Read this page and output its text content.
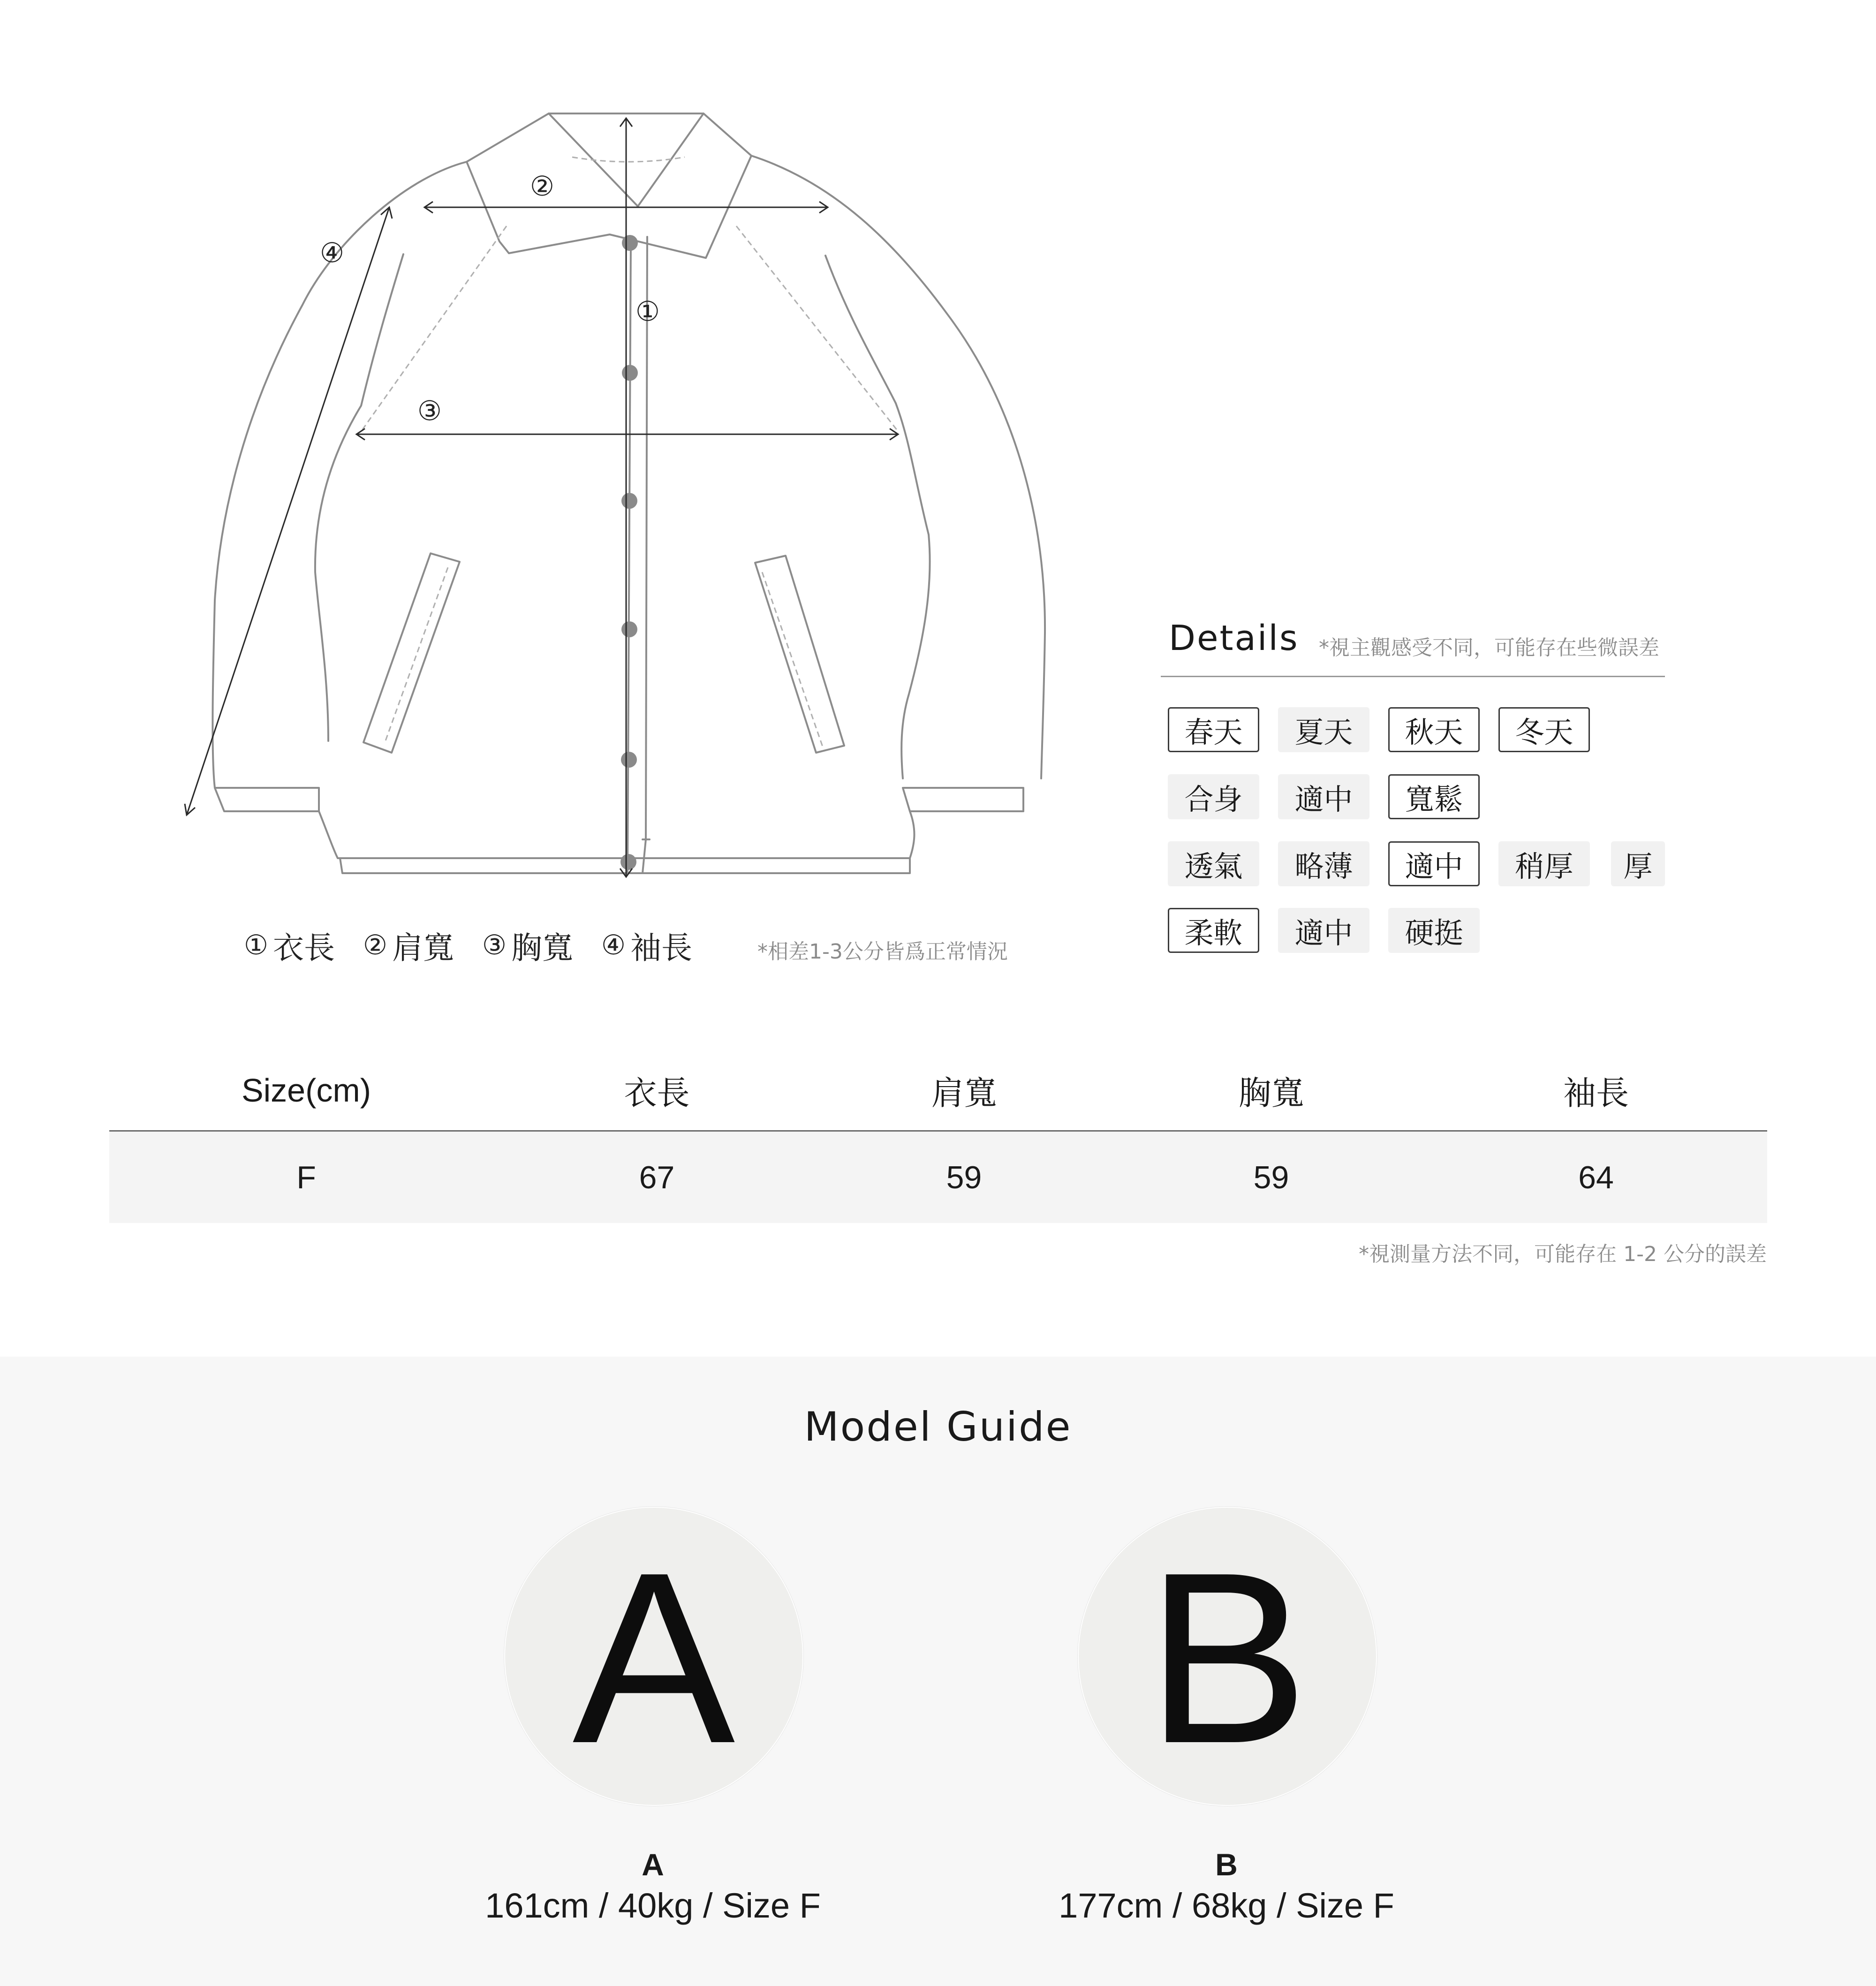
②
④
①
③
① 衣長 ② 肩寬 ③ 胸寬 ④ 袖長	*相差1-3公分皆爲正常情況
Details *視主觀感受不同，可能存在些微誤差
春天	夏天	秋天	冬天
合身	適中	寬鬆
透氣	略薄	適中	稍厚	厚
柔軟	適中	硬挺
Size(cm)	衣長	肩寬	胸寬	袖長
F	67	59	59	64
*視測量方法不同，可能存在 1-2 公分的誤差
Model Guide
A
A
161cm / 40kg / Size F
B
B
177cm / 68kg / Size F
